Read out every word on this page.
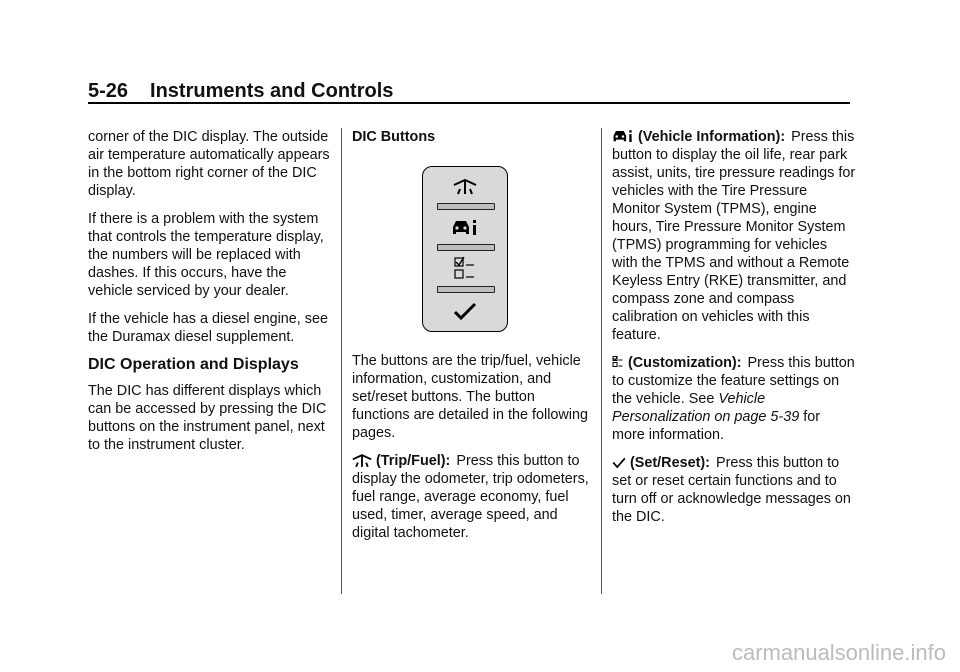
5-26 Instruments and Controls

corner of the DIC display. The outside air temperature automatically appears in the bottom right corner of the DIC display.

If there is a problem with the system that controls the temperature display, the numbers will be replaced with dashes. If this occurs, have the vehicle serviced by your dealer.

If the vehicle has a diesel engine, see the Duramax diesel supplement.

DIC Operation and Displays

The DIC has different displays which can be accessed by pressing the DIC buttons on the instrument panel, next to the instrument cluster.

DIC Buttons

The buttons are the trip/fuel, vehicle information, customization, and set/reset buttons. The button functions are detailed in the following pages.

(Trip/Fuel): Press this button to display the odometer, trip odometers, fuel range, average economy, fuel used, timer, average speed, and digital tachometer.

(Vehicle Information): Press this button to display the oil life, rear park assist, units, tire pressure readings for vehicles with the Tire Pressure Monitor System (TPMS), engine hours, Tire Pressure Monitor System (TPMS) programming for vehicles with the TPMS and without a Remote Keyless Entry (RKE) transmitter, and compass zone and compass calibration on vehicles with this feature.

(Customization): Press this button to customize the feature settings on the vehicle. See Vehicle Personalization on page 5-39 for more information.

(Set/Reset): Press this button to set or reset certain functions and to turn off or acknowledge messages on the DIC.

carmanualsonline.info
